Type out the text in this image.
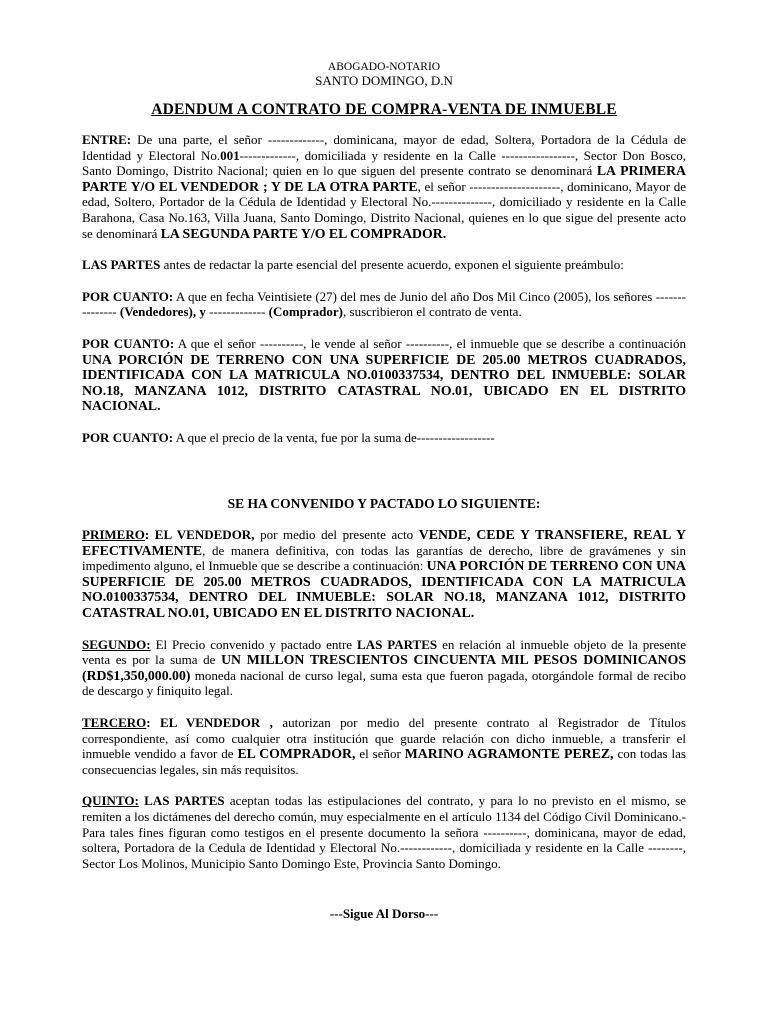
ABOGADO-NOTARIO
SANTO DOMINGO, D.N
ADENDUM A CONTRATO DE COMPRA-VENTA DE INMUEBLE

ENTRE: De una parte, el señor -------------, dominicana, mayor de edad, Soltera, Portadora de la Cédula de Identidad y Electoral No.001-------------, domiciliada y residente en la Calle -----------------, Sector Don Bosco, Santo Domingo, Distrito Nacional; quien en lo que siguen del presente contrato se denominará LA PRIMERA PARTE Y/O EL VENDEDOR ; Y DE LA OTRA PARTE, el señor ---------------------, dominicano, Mayor de edad, Soltero, Portador de la Cédula de Identidad y Electoral No.--------------, domiciliado y residente en la Calle Barahona, Casa No.163, Villa Juana, Santo Domingo, Distrito Nacional, quienes en lo que sigue del presente acto se denominará LA SEGUNDA PARTE Y/O EL COMPRADOR.

LAS PARTES antes de redactar la parte esencial del presente acuerdo, exponen el siguiente preámbulo:

POR CUANTO: A que en fecha Veintisiete (27) del mes de Junio del año Dos Mil Cinco (2005), los señores --------------- (Vendedores), y ------------- (Comprador), suscribieron el contrato de venta.

POR CUANTO: A que el señor ----------, le vende al señor ----------, el inmueble que se describe a continuación UNA PORCIÓN DE TERRENO CON UNA SUPERFICIE DE 205.00 METROS CUADRADOS, IDENTIFICADA CON LA MATRICULA NO.0100337534, DENTRO DEL INMUEBLE: SOLAR NO.18, MANZANA 1012, DISTRITO CATASTRAL NO.01, UBICADO EN EL DISTRITO NACIONAL.

POR CUANTO: A que el precio de la venta, fue por la suma de------------------

SE HA CONVENIDO Y PACTADO LO SIGUIENTE:

PRIMERO: EL VENDEDOR, por medio del presente acto VENDE, CEDE Y TRANSFIERE, REAL Y EFECTIVAMENTE, de manera definitiva, con todas las garantías de derecho, libre de gravámenes y sin impedimento alguno, el Inmueble que se describe a continuación: UNA PORCIÓN DE TERRENO CON UNA SUPERFICIE DE 205.00 METROS CUADRADOS, IDENTIFICADA CON LA MATRICULA NO.0100337534, DENTRO DEL INMUEBLE: SOLAR NO.18, MANZANA 1012, DISTRITO CATASTRAL NO.01, UBICADO EN EL DISTRITO NACIONAL.

SEGUNDO: El Precio convenido y pactado entre LAS PARTES en relación al inmueble objeto de la presente venta es por la suma de UN MILLON TRESCIENTOS CINCUENTA MIL PESOS DOMINICANOS (RD$1,350,000.00) moneda nacional de curso legal, suma esta que fueron pagada, otorgándole formal de recibo de descargo y finiquito legal.

TERCERO: EL VENDEDOR , autorizan por medio del presente contrato al Registrador de Títulos correspondiente, así como cualquier otra institución que guarde relación con dicho inmueble, a transferir el inmueble vendido a favor de EL COMPRADOR, el señor MARINO AGRAMONTE PEREZ, con todas las consecuencias legales, sin más requisitos.

QUINTO: LAS PARTES aceptan todas las estipulaciones del contrato, y para lo no previsto en el mismo, se remiten a los dictámenes del derecho común, muy especialmente en el artículo 1134 del Código Civil Dominicano.-Para tales fines figuran como testigos en el presente documento la señora ----------, dominicana, mayor de edad, soltera, Portadora de la Cedula de Identidad y Electoral No.------------, domiciliada y residente en la Calle --------, Sector Los Molinos, Municipio Santo Domingo Este, Provincia Santo Domingo.

---Sigue Al Dorso---
